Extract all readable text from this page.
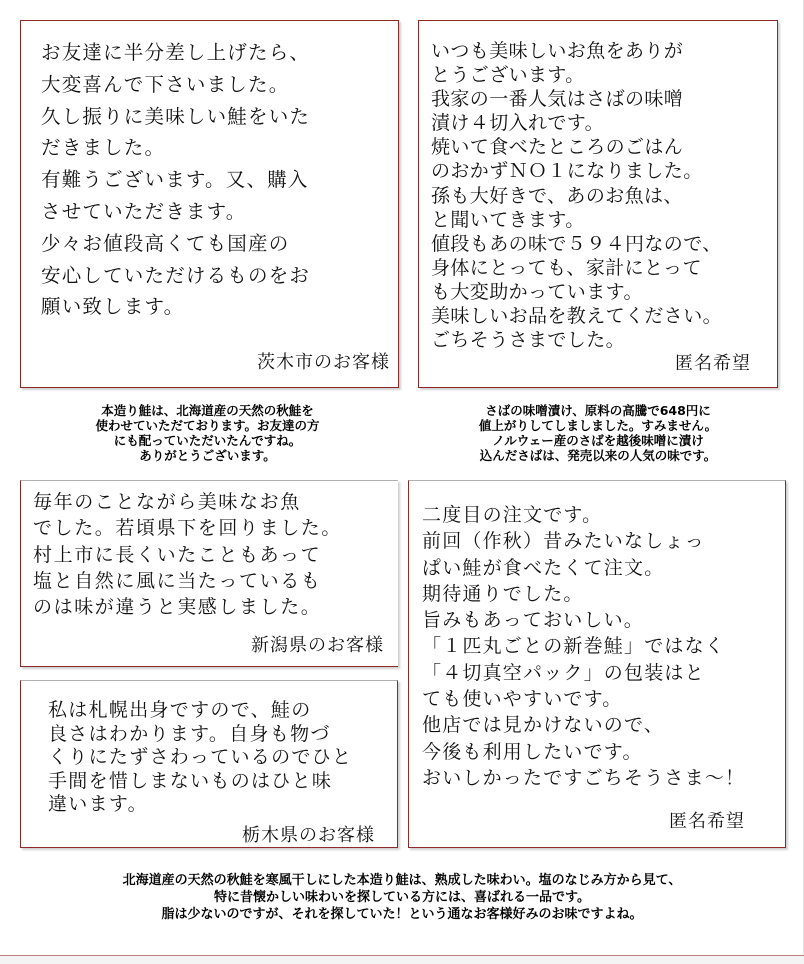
お友達に半分差し上げたら、
大変喜んで下さいました。
久し振りに美味しい鮭をいた
だきました。
有難うございます。又、購入
させていただきます。
少々お値段高くても国産の
安心していただけるものをお
願い致します。
茨木市のお客様
いつも美味しいお魚をありが
とうございます。
我家の一番人気はさばの味噌
漬け４切入れです。
焼いて食べたところのごはん
のおかずＮＯ１になりました。
孫も大好きで、あのお魚は、
と聞いてきます。
値段もあの味で５９４円なので、
身体にとっても、家計にとって
も大変助かっています。
美味しいお品を教えてください。
ごちそうさまでした。
匿名希望
本造り鮭は、北海道産の天然の秋鮭を
使わせていただております。お友達の方
にも配っていただいたんですね。
ありがとうございます。
さばの味噌漬け、原料の高騰で648円に
値上がりしてしましました。すみません。
ノルウェー産のさばを越後味噌に漬け
込んださばは、発売以来の人気の味です。
毎年のことながら美味なお魚
でした。若頃県下を回りました。
村上市に長くいたこともあって
塩と自然に風に当たっているも
のは味が違うと実感しました。
新潟県のお客様
私は札幌出身ですので、鮭の
良さはわかります。自身も物づ
くりにたずさわっているのでひと
手間を惜しまないものはひと味
違います。
栃木県のお客様
二度目の注文です。
前回（作秋）昔みたいなしょっ
ぱい鮭が食べたくて注文。
期待通りでした。
旨みもあっておいしい。
「１匹丸ごとの新巻鮭」ではなく
「４切真空パック」の包装はと
ても使いやすいです。
他店では見かけないので、
今後も利用したいです。
おいしかったですごちそうさま～！
匿名希望
北海道産の天然の秋鮭を寒風干しにした本造り鮭は、熟成した味わい。塩のなじみ方から見て、
特に昔懐かしい味わいを探している方には、喜ばれる一品です。
脂は少ないのですが、それを探していた！という通なお客様好みのお味ですよね。
